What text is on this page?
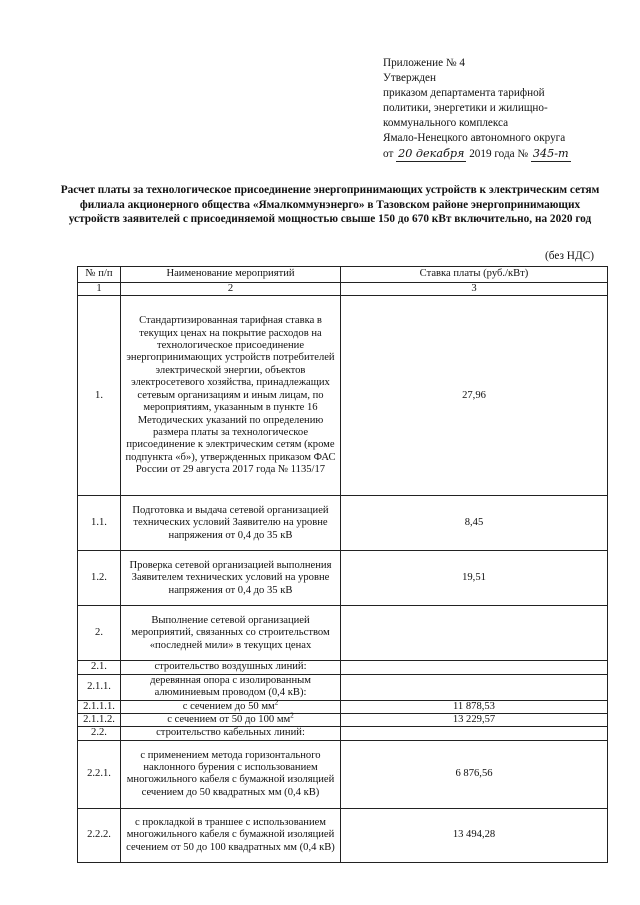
Приложение № 4
Утвержден
приказом департамента тарифной
политики, энергетики и жилищно-
коммунального комплекса
Ямало-Ненецкого автономного округа
от 20 декабря 2019 года № 345-т
Расчет платы за технологическое присоединение энергопринимающих устройств к электрическим сетям филиала акционерного общества «Ямалкоммунэнерго» в Тазовском районе энергопринимающих устройств заявителей с присоединяемой мощностью свыше 150 до 670 кВт включительно, на 2020 год
(без НДС)
№ п/п	Наименование мероприятий	Ставка платы (руб./кВт)
1	2	3
1.	Стандартизированная тарифная ставка в текущих ценах на покрытие расходов на технологическое присоединение энергопринимающих устройств потребителей электрической энергии, объектов электросетевого хозяйства, принадлежащих сетевым организациям и иным лицам, по мероприятиям, указанным в пункте 16 Методических указаний по определению размера платы за технологическое присоединение к электрическим сетям (кроме подпункта «б»), утвержденных приказом ФАС России от 29 августа 2017 года № 1135/17	27,96
1.1.	Подготовка и выдача сетевой организацией технических условий Заявителю на уровне напряжения от 0,4 до 35 кВ	8,45
1.2.	Проверка сетевой организацией выполнения Заявителем технических условий на уровне напряжения от 0,4 до 35 кВ	19,51
2.	Выполнение сетевой организацией мероприятий, связанных со строительством «последней мили» в текущих ценах	
2.1.	строительство воздушных линий:	
2.1.1.	деревянная опора с изолированным алюминиевым проводом (0,4 кВ):	
2.1.1.1.	с сечением до 50 $мм^2$	11 878,53
2.1.1.2.	с сечением от 50 до 100 $мм^2$	13 229,57
2.2.	строительство кабельных линий:	
2.2.1.	с применением метода горизонтального наклонного бурения с использованием многожильного кабеля с бумажной изоляцией сечением до 50 квадратных мм (0,4 кВ)	6 876,56
2.2.2.	с прокладкой в траншее с использованием многожильного кабеля с бумажной изоляцией сечением от 50 до 100 квадратных мм (0,4 кВ)	13 494,28
